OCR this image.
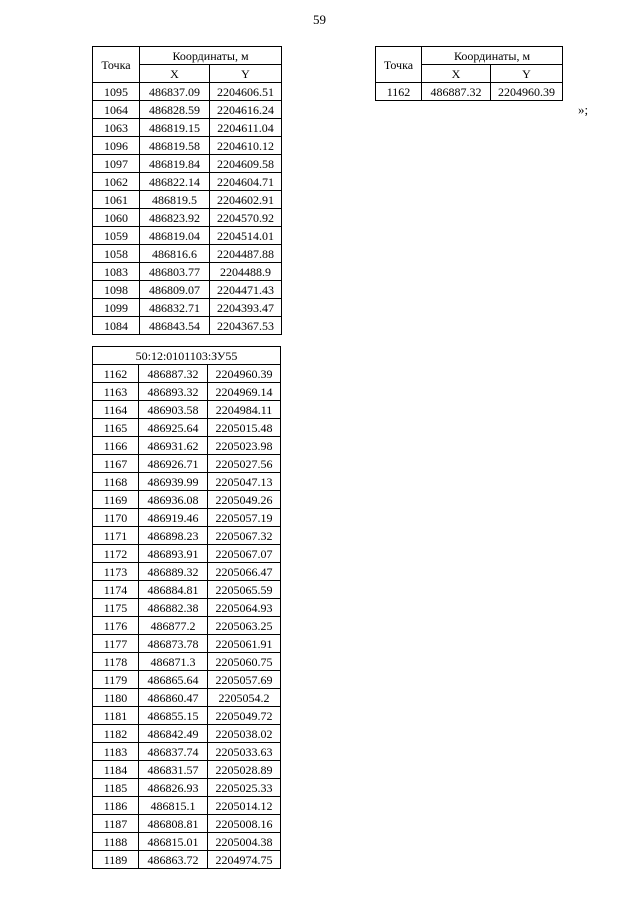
59
Точка	Координаты, м	
	X	Y
1095	486837.09	2204606.51
1064	486828.59	2204616.24
1063	486819.15	2204611.04
1096	486819.58	2204610.12
1097	486819.84	2204609.58
1062	486822.14	2204604.71
1061	486819.5	2204602.91
1060	486823.92	2204570.92
1059	486819.04	2204514.01
1058	486816.6	2204487.88
1083	486803.77	2204488.9
1098	486809.07	2204471.43
1099	486832.71	2204393.47
1084	486843.54	2204367.53
Точка	Координаты, м	
	X	Y
1162	486887.32	2204960.39
»;
50:12:0101103:ЗУ55		
1162	486887.32	2204960.39
1163	486893.32	2204969.14
1164	486903.58	2204984.11
1165	486925.64	2205015.48
1166	486931.62	2205023.98
1167	486926.71	2205027.56
1168	486939.99	2205047.13
1169	486936.08	2205049.26
1170	486919.46	2205057.19
1171	486898.23	2205067.32
1172	486893.91	2205067.07
1173	486889.32	2205066.47
1174	486884.81	2205065.59
1175	486882.38	2205064.93
1176	486877.2	2205063.25
1177	486873.78	2205061.91
1178	486871.3	2205060.75
1179	486865.64	2205057.69
1180	486860.47	2205054.2
1181	486855.15	2205049.72
1182	486842.49	2205038.02
1183	486837.74	2205033.63
1184	486831.57	2205028.89
1185	486826.93	2205025.33
1186	486815.1	2205014.12
1187	486808.81	2205008.16
1188	486815.01	2205004.38
1189	486863.72	2204974.75
